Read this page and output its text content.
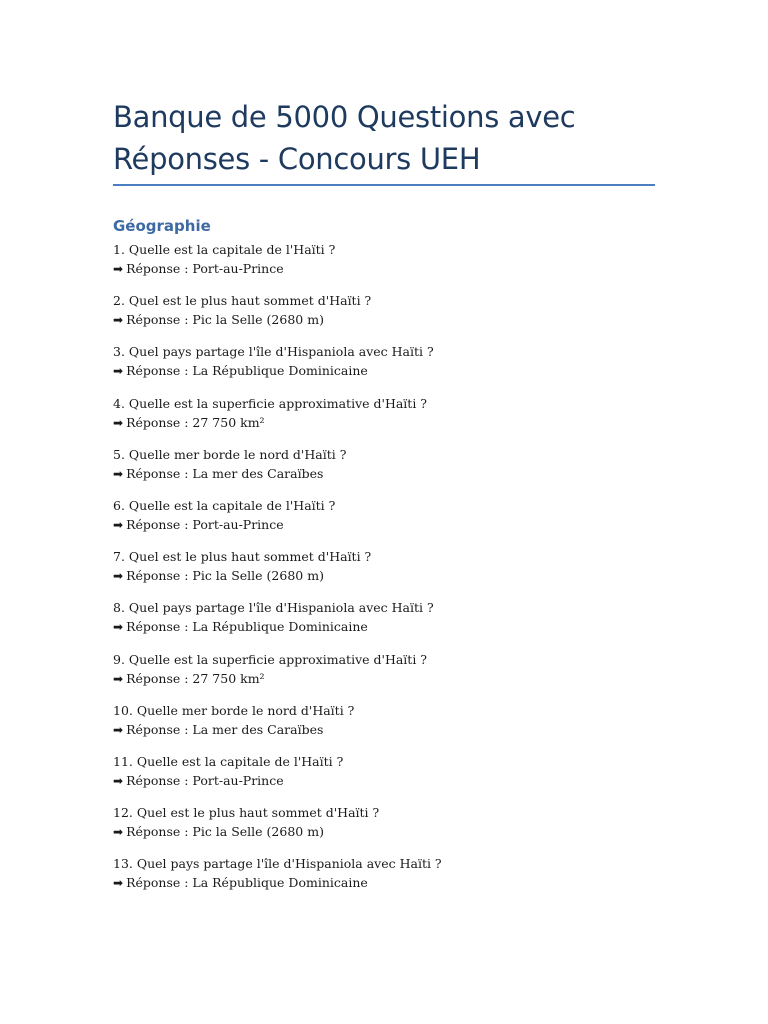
Banque de 5000 Questions avec
Réponses - Concours UEH
Géographie
1. Quelle est la capitale de l'Haïti ?
➡ Réponse : Port-au-Prince
2. Quel est le plus haut sommet d'Haïti ?
➡ Réponse : Pic la Selle (2680 m)
3. Quel pays partage l'île d'Hispaniola avec Haïti ?
➡ Réponse : La République Dominicaine
4. Quelle est la superficie approximative d'Haïti ?
➡ Réponse : 27 750 km²
5. Quelle mer borde le nord d'Haïti ?
➡ Réponse : La mer des Caraïbes
6. Quelle est la capitale de l'Haïti ?
➡ Réponse : Port-au-Prince
7. Quel est le plus haut sommet d'Haïti ?
➡ Réponse : Pic la Selle (2680 m)
8. Quel pays partage l'île d'Hispaniola avec Haïti ?
➡ Réponse : La République Dominicaine
9. Quelle est la superficie approximative d'Haïti ?
➡ Réponse : 27 750 km²
10. Quelle mer borde le nord d'Haïti ?
➡ Réponse : La mer des Caraïbes
11. Quelle est la capitale de l'Haïti ?
➡ Réponse : Port-au-Prince
12. Quel est le plus haut sommet d'Haïti ?
➡ Réponse : Pic la Selle (2680 m)
13. Quel pays partage l'île d'Hispaniola avec Haïti ?
➡ Réponse : La République Dominicaine
